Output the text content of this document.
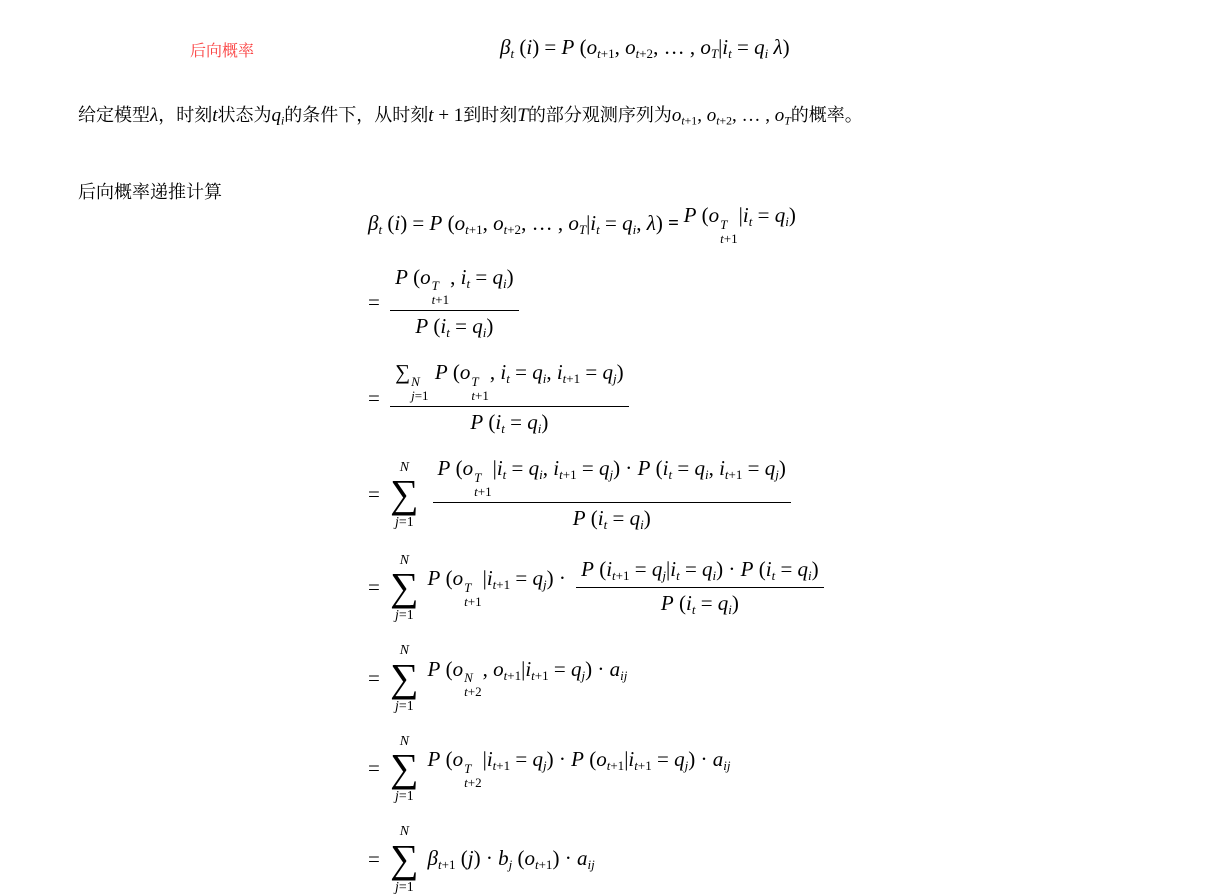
后向概率	βt (i) = P (ot+1, ot+2, … , oT|it = qi λ)
给定模型λ，时刻t状态为qi的条件下，从时刻t + 1到时刻T的部分观测序列为ot+1, ot+2, … , oT的概率。
后向概率递推计算
βt (i) = P (ot+1, ot+2, … , oT|it = qi, λ) = P (o T
t+1
|it = qi)
= P (o T
t+1
, it = qi)
P (it = qi)
= ∑ N
j=1
P (o T
t+1
, it = qi, it+1 = qj)
P (it = qi)
=
N
∑
j=1 P (o T
t+1
|it = qi, it+1 = qj) · P (it = qi, it+1 = qj)
P (it = qi)
=
N
∑
j=1
P (o T
t+1
$|it+1 = qj) \cdot \frac{P (it+1 = qj|it = qi) \cdot P (it = qi)}{P (it = qi)}$
=
N
∑
j=1
P (o N
t+2
, ot+1|it+1 = qj) · aij
=
N
∑
j=1
P (o T
t+2
|it+1 = qj) · P (ot+1|it+1 = qj) · aij
=
N
∑
j=1
βt+1 (j) · bj (ot+1) · aij
